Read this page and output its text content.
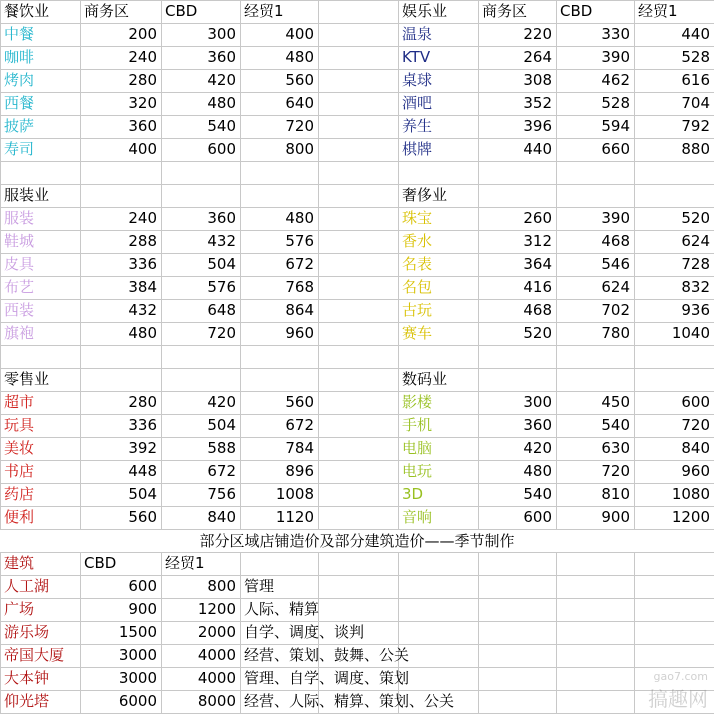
餐饮业	商务区	CBD	经贸1
中餐	200	300	400
咖啡	240	360	480
烤肉	280	420	560
西餐	320	480	640
披萨	360	540	720
寿司	400	600	800
娱乐业	商务区	CBD	经贸1
温泉	220	330	440
KTV	264	390	528
桌球	308	462	616
酒吧	352	528	704
养生	396	594	792
棋牌	440	660	880
服装业
服装	240	360	480
鞋城	288	432	576
皮具	336	504	672
布艺	384	576	768
西装	432	648	864
旗袍	480	720	960
奢侈业
珠宝	260	390	520
香水	312	468	624
名表	364	546	728
名包	416	624	832
古玩	468	702	936
赛车	520	780	1040
零售业
超市	280	420	560
玩具	336	504	672
美妆	392	588	784
书店	448	672	896
药店	504	756	1008
便利	560	840	1120
数码业
影楼	300	450	600
手机	360	540	720
电脑	420	630	840
电玩	480	720	960
3D	540	810	1080
音响	600	900	1200
部分区域店铺造价及部分建筑造价——季节制作
建筑	CBD	经贸1
人工湖	600	800 管理
广场	900	1200 人际、精算
游乐场	1500	2000 自学、调度、谈判
帝国大厦	3000	4000 经营、策划、鼓舞、公关
大本钟	3000	4000 管理、自学、调度、策划
仰光塔	6000	8000 经营、人际、精算、策划、公关
gao7.com
搞趣网
